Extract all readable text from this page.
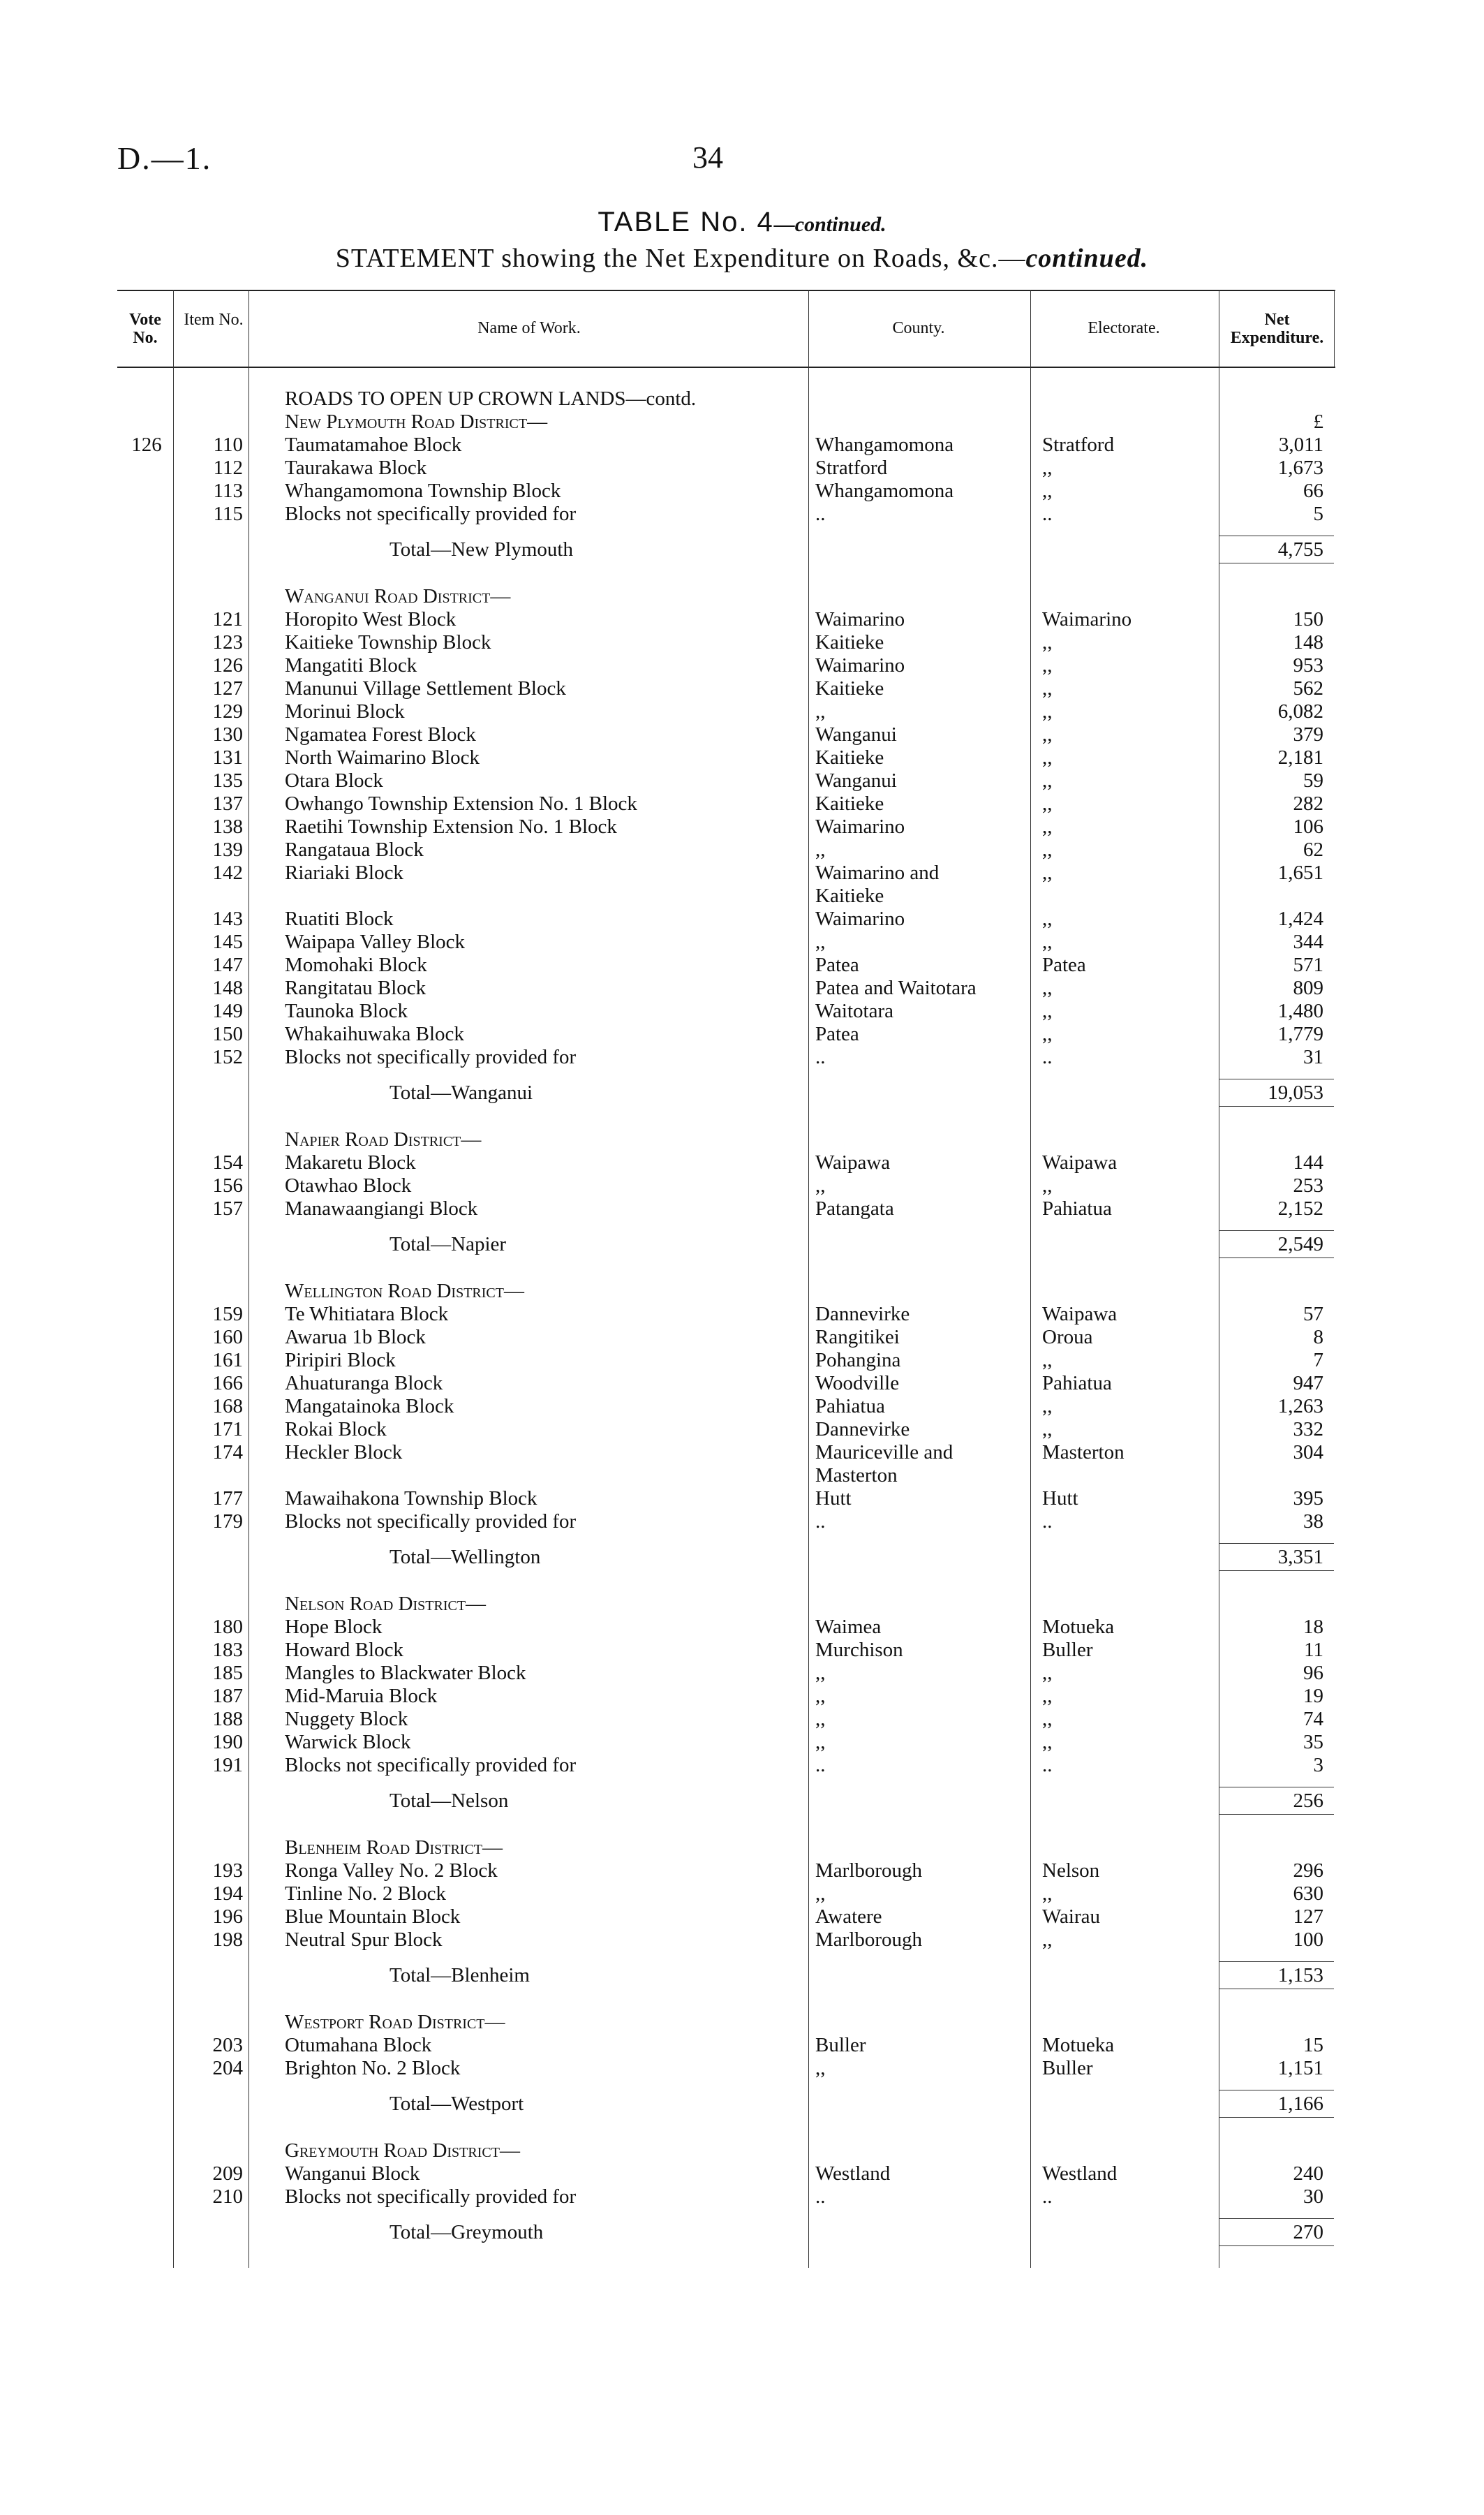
D.—1.	34
TABLE No. 4—continued.
STATEMENT showing the Net Expenditure on Roads, &c.—continued.
Vote No.
Item No.	Name of Work.	County.	Electorate.	Net Expenditure.
ROADS TO OPEN UP CROWN LANDS—contd.
New Plymouth Road District—	£
126	110 Taumatamahoe Block	Whangamomona	Stratford	3,011
112 Taurakawa Block	Stratford	,,	1,673
113 Whangamomona Township Block	Whangamomona	,,	66
115 Blocks not specifically provided for	..	..	5
Total—New Plymouth	4,755
Wanganui Road District—
121 Horopito West Block	Waimarino	Waimarino	150
123 Kaitieke Township Block	Kaitieke	,,	148
126 Mangatiti Block	Waimarino	,,	953
127 Manunui Village Settlement Block	Kaitieke	,,	562
129 Morinui Block	,,	,,	6,082
130 Ngamatea Forest Block	Wanganui	,,	379
131 North Waimarino Block	Kaitieke	,,	2,181
135 Otara Block	Wanganui	,,	59
137 Owhango Township Extension No. 1 Block	Kaitieke	,,	282
138 Raetihi Township Extension No. 1 Block	Waimarino	,,	106
139 Rangataua Block	,,	,,	62
142 Riariaki Block	Waimarino and	,,	1,651
Kaitieke
143 Ruatiti Block	Waimarino	,,	1,424
145 Waipapa Valley Block	,,	,,	344
147 Momohaki Block	Patea	Patea	571
148 Rangitatau Block	Patea and Waitotara	,,	809
149 Taunoka Block	Waitotara	,,	1,480
150 Whakaihuwaka Block	Patea	,,	1,779
152 Blocks not specifically provided for	..	..	31
Total—Wanganui	19,053
Napier Road District—
154 Makaretu Block	Waipawa	Waipawa	144
156 Otawhao Block	,,	,,	253
157 Manawaangiangi Block	Patangata	Pahiatua	2,152
Total—Napier	2,549
Wellington Road District—
159 Te Whitiatara Block	Dannevirke	Waipawa	57
160 Awarua 1b Block	Rangitikei	Oroua	8
161 Piripiri Block	Pohangina	,,	7
166 Ahuaturanga Block	Woodville	Pahiatua	947
168 Mangatainoka Block	Pahiatua	,,	1,263
171 Rokai Block	Dannevirke	,,	332
174 Heckler Block	Mauriceville and	Masterton	304
Masterton
177 Mawaihakona Township Block	Hutt	Hutt	395
179 Blocks not specifically provided for	..	..	38
Total—Wellington	3,351
Nelson Road District—
180 Hope Block	Waimea	Motueka	18
183 Howard Block	Murchison	Buller	11
185 Mangles to Blackwater Block	,,	,,	96
187 Mid-Maruia Block	,,	,,	19
188 Nuggety Block	,,	,,	74
190 Warwick Block	,,	,,	35
191 Blocks not specifically provided for	..	..	3
Total—Nelson	256
Blenheim Road District—
193 Ronga Valley No. 2 Block	Marlborough	Nelson	296
194 Tinline No. 2 Block	,,	,,	630
196 Blue Mountain Block	Awatere	Wairau	127
198 Neutral Spur Block	Marlborough	,,	100
Total—Blenheim	1,153
Westport Road District—
203 Otumahana Block	Buller	Motueka	15
204 Brighton No. 2 Block	,,	Buller	1,151
Total—Westport	1,166
Greymouth Road District—
209 Wanganui Block	Westland	Westland	240
210 Blocks not specifically provided for	..	..	30
Total—Greymouth	270
